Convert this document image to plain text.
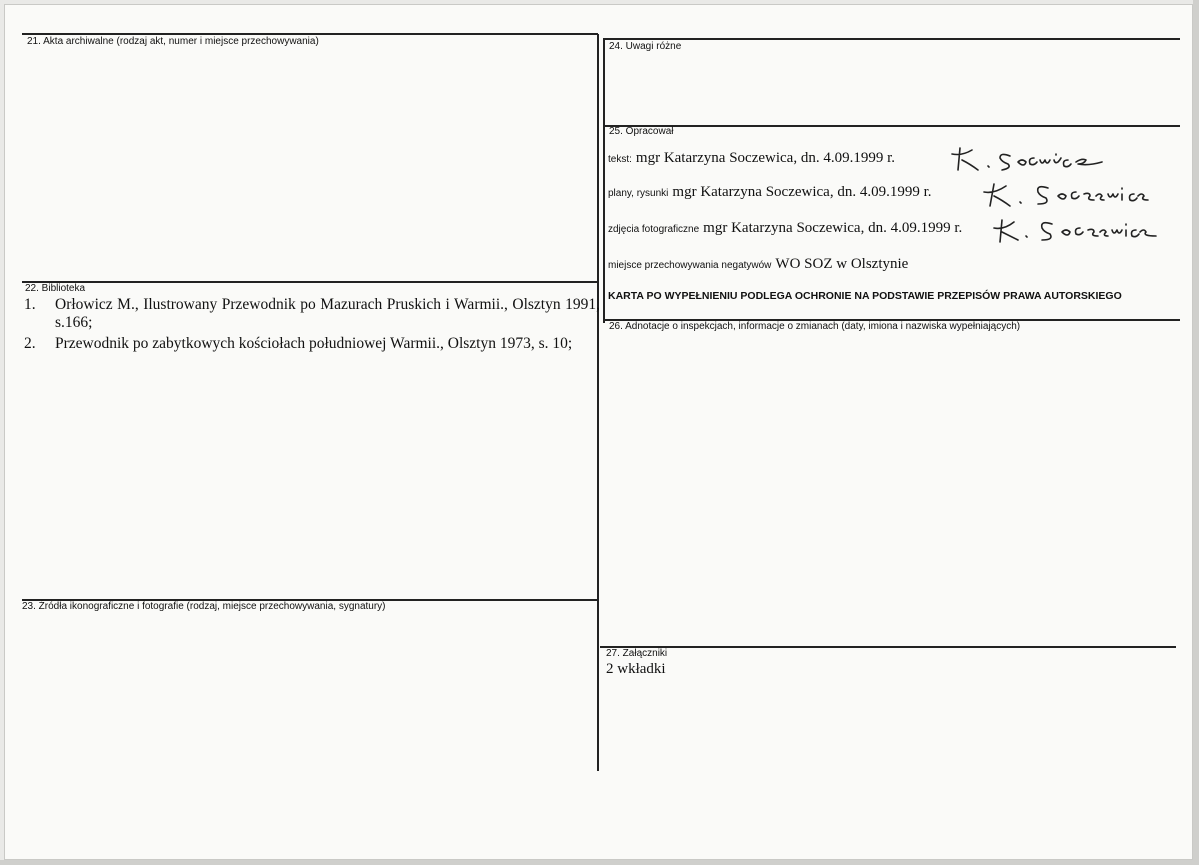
21. Akta archiwalne (rodzaj akt, numer i miejsce przechowywania)
22. Biblioteka
1. Orłowicz M., Ilustrowany Przewodnik po Mazurach Pruskich i Warmii., Olsztyn 1991, s.166;
2. Przewodnik po zabytkowych kościołach południowej Warmii., Olsztyn 1973, s. 10;
23. Źródła ikonograficzne i fotografie (rodzaj, miejsce przechowywania, sygnatury)
24. Uwagi różne
25. Opracował
tekst: mgr Katarzyna Soczewica, dn. 4.09.1999 r.
plany, rysunki mgr Katarzyna Soczewica, dn. 4.09.1999 r.
zdjęcia fotograficzne mgr Katarzyna Soczewica, dn. 4.09.1999 r.
miejsce przechowywania negatywów WO SOZ w Olsztynie
KARTA PO WYPEŁNIENIU PODLEGA OCHRONIE NA PODSTAWIE PRZEPISÓW PRAWA AUTORSKIEGO
26. Adnotacje o inspekcjach, informacje o zmianach (daty, imiona i nazwiska wypełniających)
27. Załączniki
2 wkładki
